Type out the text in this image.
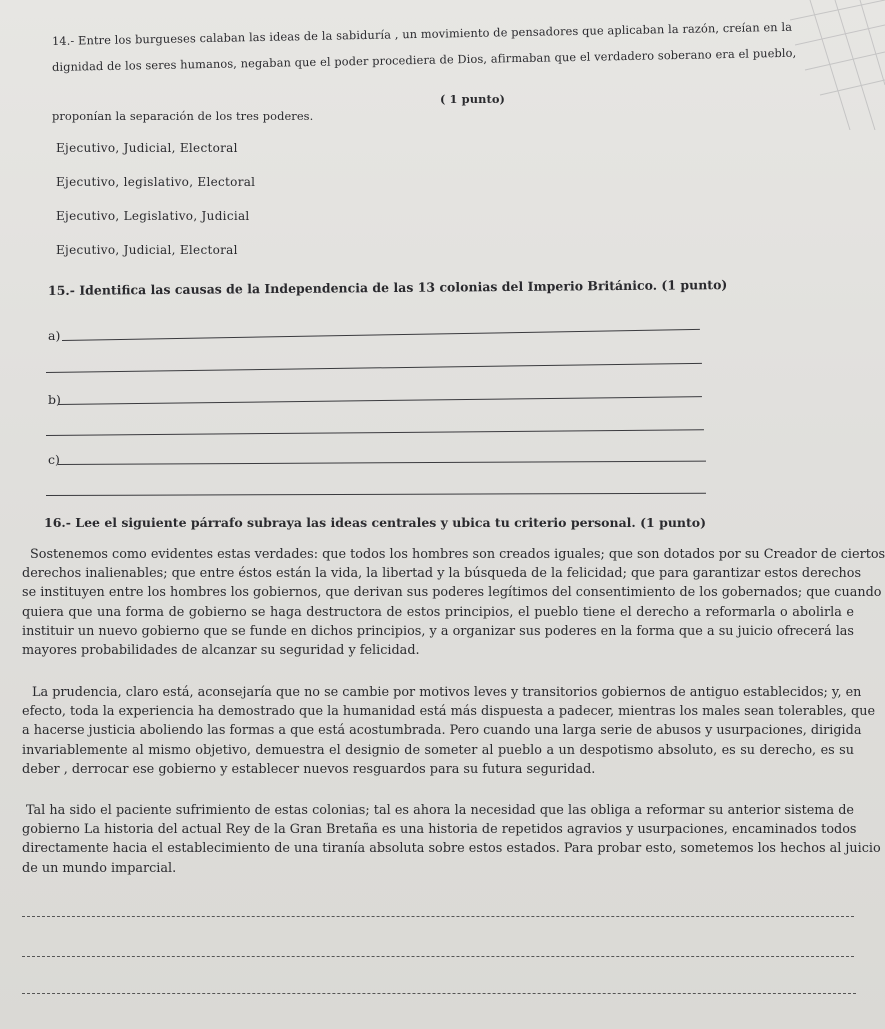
14.- Entre los burgueses calaban las ideas de la sabiduría , un movimiento de pensadores que aplicaban la razón, creían en la
dignidad de los seres humanos, negaban que el poder procediera de Dios, afirmaban que el verdadero soberano era el pueblo,
proponían la separación de los tres poderes.
( 1 punto)
Ejecutivo, Judicial, Electoral
Ejecutivo, legislativo, Electoral
Ejecutivo, Legislativo, Judicial
Ejecutivo, Judicial, Electoral
15.- Identifica las causas de la Independencia de las 13 colonias del Imperio Británico. (1 punto)
a)
b)
c)
16.- Lee el siguiente párrafo subraya las ideas centrales y ubica tu criterio personal. (1 punto)
Sostenemos como evidentes estas verdades: que todos los hombres son creados iguales; que son dotados por su Creador de ciertos
derechos inalienables; que entre éstos están la vida, la libertad y la búsqueda de la felicidad; que para garantizar estos derechos
se instituyen entre los hombres los gobiernos, que derivan sus poderes legítimos del consentimiento de los gobernados; que cuando
quiera que una forma de gobierno se haga destructora de estos principios, el pueblo tiene el derecho a reformarla o abolirla e
instituir un nuevo gobierno que se funde en dichos principios, y a organizar sus poderes en la forma que a su juicio ofrecerá las
mayores probabilidades de alcanzar su seguridad y felicidad.
La prudencia, claro está, aconsejaría que no se cambie por motivos leves y transitorios gobiernos de antiguo establecidos; y, en
efecto, toda la experiencia ha demostrado que la humanidad está más dispuesta a padecer, mientras los males sean tolerables, que
a hacerse justicia aboliendo las formas a que está acostumbrada. Pero cuando una larga serie de abusos y usurpaciones, dirigida
invariablemente al mismo objetivo, demuestra el designio de someter al pueblo a un despotismo absoluto, es su derecho, es su
deber , derrocar ese gobierno y establecer nuevos resguardos para su futura seguridad.
Tal ha sido el paciente sufrimiento de estas colonias; tal es ahora la necesidad que las obliga a reformar su anterior sistema de
gobierno La historia del actual Rey de la Gran Bretaña es una historia de repetidos agravios y usurpaciones, encaminados todos
directamente hacia el establecimiento de una tiranía absoluta sobre estos estados. Para probar esto, sometemos los hechos al juicio
de un mundo imparcial.
